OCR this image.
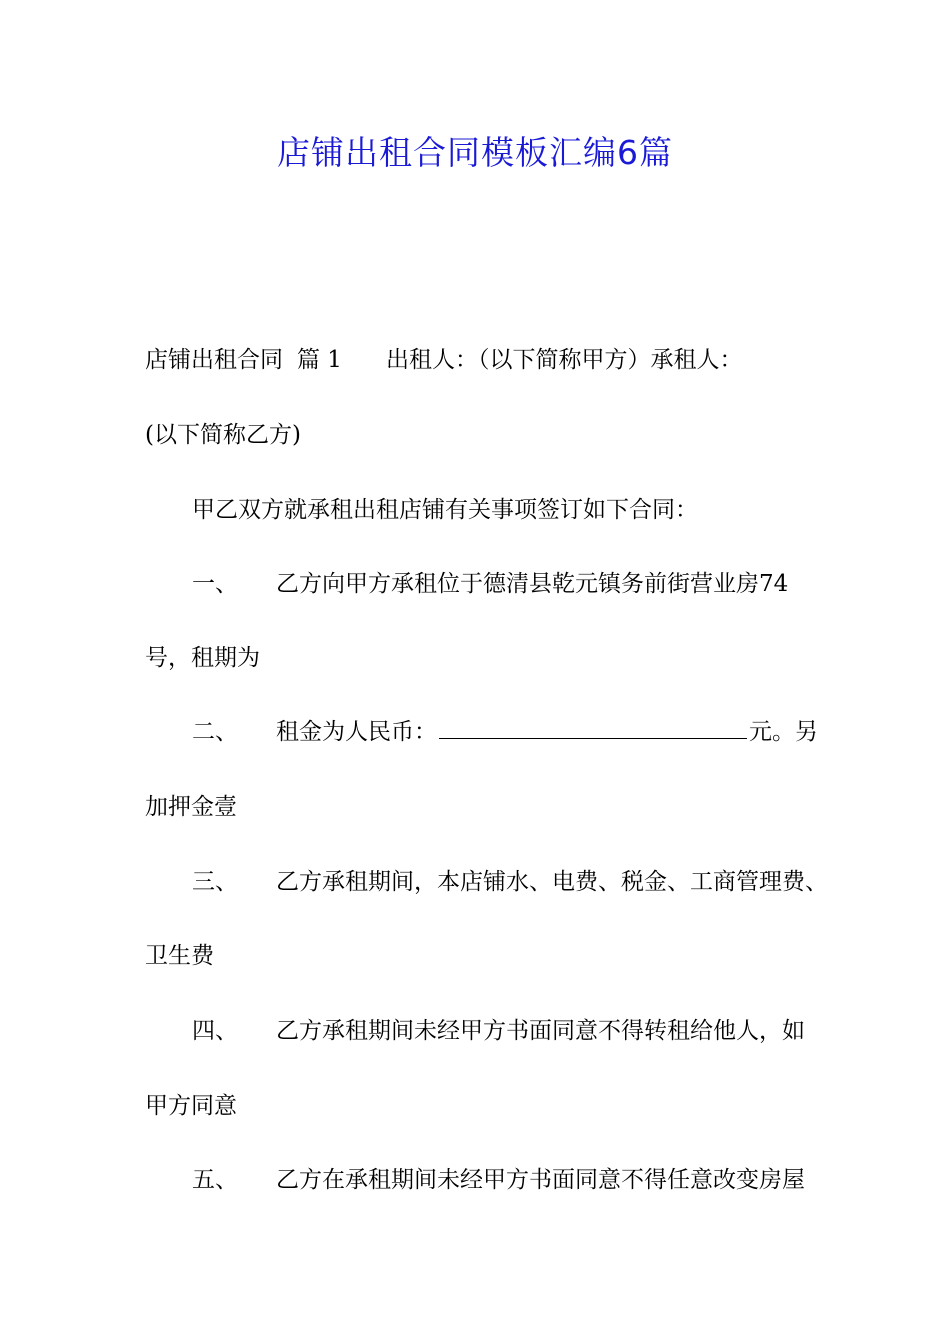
店铺出租合同模板汇编6篇
店铺出租合同 篇 1 出租人：（以下简称甲方）承租人：
(以下简称乙方)
甲乙双方就承租出租店铺有关事项签订如下合同：
一、 乙方向甲方承租位于德清县乾元镇务前街营业房74
号，租期为
二、 租金为人民币：	元。另
加押金壹
三、 乙方承租期间，本店铺水、电费、税金、工商管理费、
卫生费
四、 乙方承租期间未经甲方书面同意不得转租给他人，如
甲方同意
五、 乙方在承租期间未经甲方书面同意不得任意改变房屋
